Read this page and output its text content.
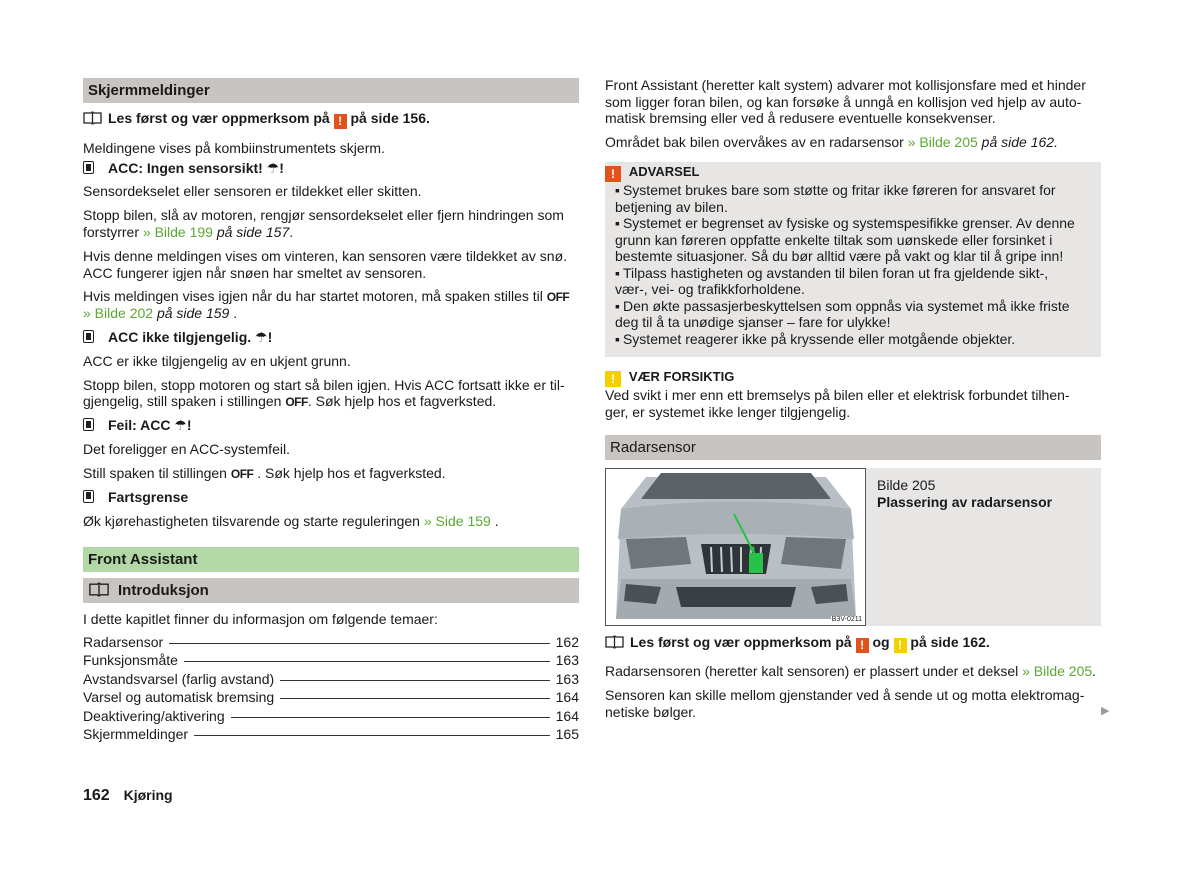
Skjermmeldinger
Les først og vær oppmerksom på ! på side 156.
Meldingene vises på kombiinstrumentets skjerm.
ACC: Ingen sensorsikt! ☂!
Sensordekselet eller sensoren er tildekket eller skitten.
Stopp bilen, slå av motoren, rengjør sensordekselet eller fjern hindringen som
forstyrrer » Bilde 199 på side 157.
Hvis denne meldingen vises om vinteren, kan sensoren være tildekket av snø.
ACC fungerer igjen når snøen har smeltet av sensoren.
Hvis meldingen vises igjen når du har startet motoren, må spaken stilles til OFF
» Bilde 202 på side 159 .
ACC ikke tilgjengelig. ☂!
ACC er ikke tilgjengelig av en ukjent grunn.
Stopp bilen, stopp motoren og start så bilen igjen. Hvis ACC fortsatt ikke er til-
gjengelig, still spaken i stillingen OFF. Søk hjelp hos et fagverksted.
Feil: ACC ☂!
Det foreligger en ACC-systemfeil.
Still spaken til stillingen OFF . Søk hjelp hos et fagverksted.
Fartsgrense
Øk kjørehastigheten tilsvarende og starte reguleringen » Side 159 .
Front Assistant
Introduksjon
I dette kapitlet finner du informasjon om følgende temaer:
Radarsensor	162
Funksjonsmåte	163
Avstandsvarsel (farlig avstand)	163
Varsel og automatisk bremsing	164
Deaktivering/aktivering	164
Skjermmeldinger	165
162 Kjøring
Front Assistant (heretter kalt system) advarer mot kollisjonsfare med et hinder
som ligger foran bilen, og kan forsøke å unngå en kollisjon ved hjelp av auto-
matisk bremsing eller ved å redusere eventuelle konsekvenser.
Området bak bilen overvåkes av en radarsensor » Bilde 205 på side 162.
! ADVARSEL
▪ Systemet brukes bare som støtte og fritar ikke føreren for ansvaret for
betjening av bilen.
▪ Systemet er begrenset av fysiske og systemspesifikke grenser. Av denne
grunn kan føreren oppfatte enkelte tiltak som uønskede eller forsinket i
bestemte situasjoner. Så du bør alltid være på vakt og klar til å gripe inn!
▪ Tilpass hastigheten og avstanden til bilen foran ut fra gjeldende sikt-,
vær-, vei- og trafikkforholdene.
▪ Den økte passasjerbeskyttelsen som oppnås via systemet må ikke friste
deg til å ta unødige sjanser – fare for ulykke!
▪ Systemet reagerer ikke på kryssende eller motgående objekter.
! VÆR FORSIKTIG
Ved svikt i mer enn ett bremselys på bilen eller et elektrisk forbundet tilhen-
ger, er systemet ikke lenger tilgjengelig.
Radarsensor
B3V-0211
Bilde 205
Plassering av radarsensor
Les først og vær oppmerksom på ! og ! på side 162.
Radarsensoren (heretter kalt sensoren) er plassert under et deksel » Bilde 205.
Sensoren kan skille mellom gjenstander ved å sende ut og motta elektromag-
netiske bølger.	▶
